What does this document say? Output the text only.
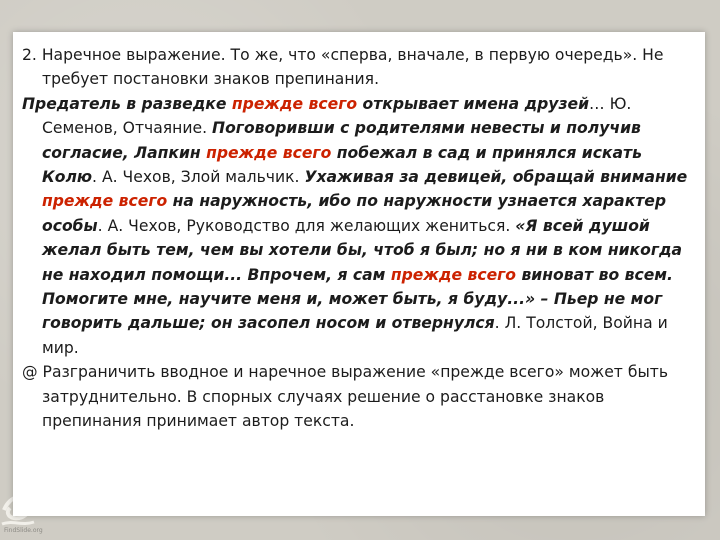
2. Наречное выражение. То же, что «сперва, вначале, в первую очередь». Не требует постановки знаков препинания.

Предатель в разведке прежде всего открывает имена друзей… Ю. Семенов, Отчаяние. Поговоривши с родителями невесты и получив согласие, Лапкин прежде всего побежал в сад и принялся искать Колю. А. Чехов, Злой мальчик. Ухаживая за девицей, обращай внимание прежде всего на наружность, ибо по наружности узнается характер особы. А. Чехов, Руководство для желающих жениться. «Я всей душой желал быть тем, чем вы хотели бы, чтоб я был; но я ни в ком никогда не находил помощи... Впрочем, я сам прежде всего виноват во всем. Помогите мне, научите меня и, может быть, я буду...» – Пьер не мог говорить дальше; он засопел носом и отвернулся. Л. Толстой, Война и мир.

@ Разграничить вводное и наречное выражение «прежде всего» может быть затруднительно. В спорных случаях решение о расстановке знаков препинания принимает автор текста.

FindSlide.org
